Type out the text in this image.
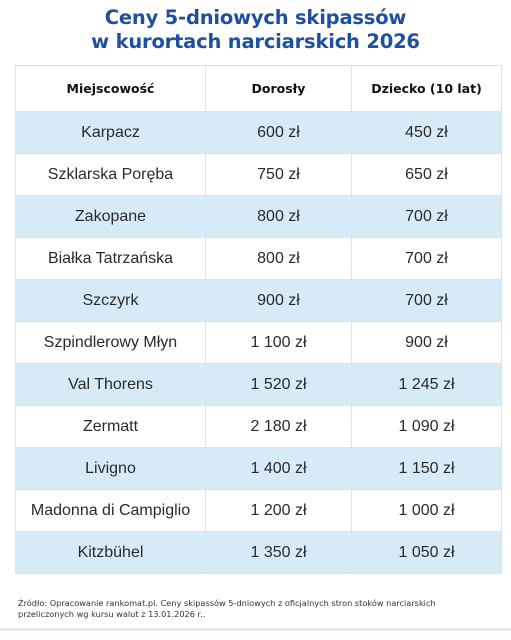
Ceny 5-dniowych skipassów
w kurortach narciarskich 2026
Miejscowość	Dorosły	Dziecko (10 lat)
Karpacz	600 zł	450 zł
Szklarska Poręba	750 zł	650 zł
Zakopane	800 zł	700 zł
Białka Tatrzańska	800 zł	700 zł
Szczyrk	900 zł	700 zł
Szpindlerowy Młyn	1 100 zł	900 zł
Val Thorens	1 520 zł	1 245 zł
Zermatt	2 180 zł	1 090 zł
Livigno	1 400 zł	1 150 zł
Madonna di Campiglio	1 200 zł	1 000 zł
Kitzbühel	1 350 zł	1 050 zł
Źródło: Opracowanie rankomat.pl. Ceny skipassów 5-dniowych z oficjalnych stron stoków narciarskich przeliczonych wg kursu walut z 13.01.2026 r..
